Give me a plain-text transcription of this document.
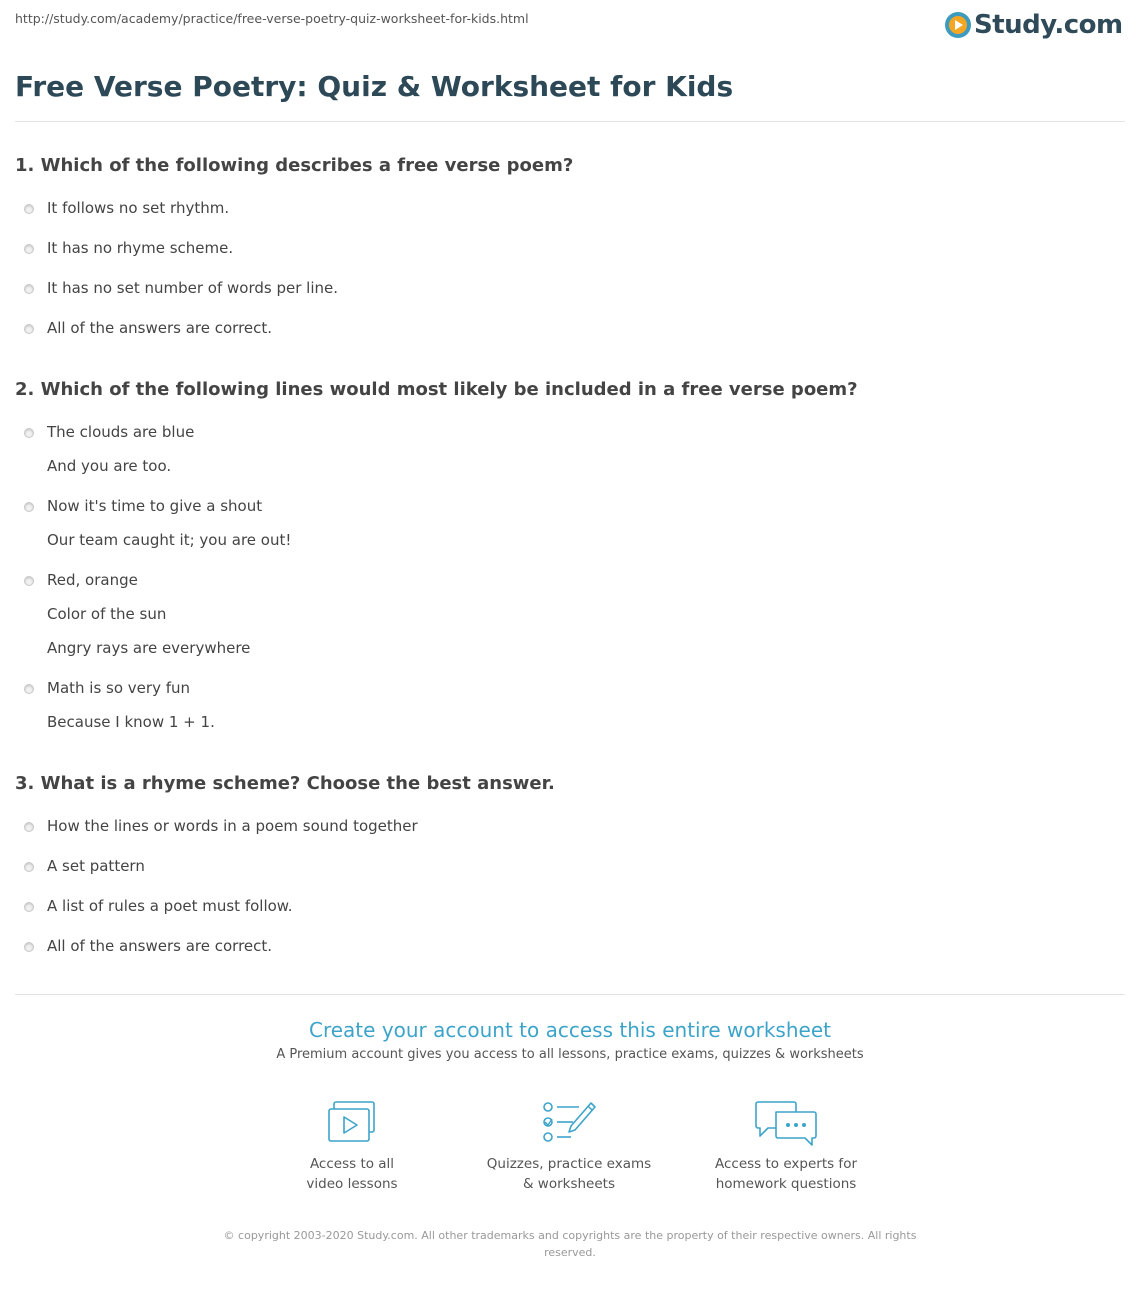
http://study.com/academy/practice/free-verse-poetry-quiz-worksheet-for-kids.html	Study.com
Free Verse Poetry: Quiz & Worksheet for Kids
1. Which of the following describes a free verse poem?
It follows no set rhythm.
It has no rhyme scheme.
It has no set number of words per line.
All of the answers are correct.
2. Which of the following lines would most likely be included in a free verse poem?
The clouds are blue
And you are too.
Now it's time to give a shout
Our team caught it; you are out!
Red, orange
Color of the sun
Angry rays are everywhere
Math is so very fun
Because I know 1 + 1.
3. What is a rhyme scheme? Choose the best answer.
How the lines or words in a poem sound together
A set pattern
A list of rules a poet must follow.
All of the answers are correct.
Create your account to access this entire worksheet
A Premium account gives you access to all lessons, practice exams, quizzes & worksheets
Access to all
video lessons
Quizzes, practice exams
& worksheets
Access to experts for
homework questions
© copyright 2003-2020 Study.com. All other trademarks and copyrights are the property of their respective owners. All rights reserved.
